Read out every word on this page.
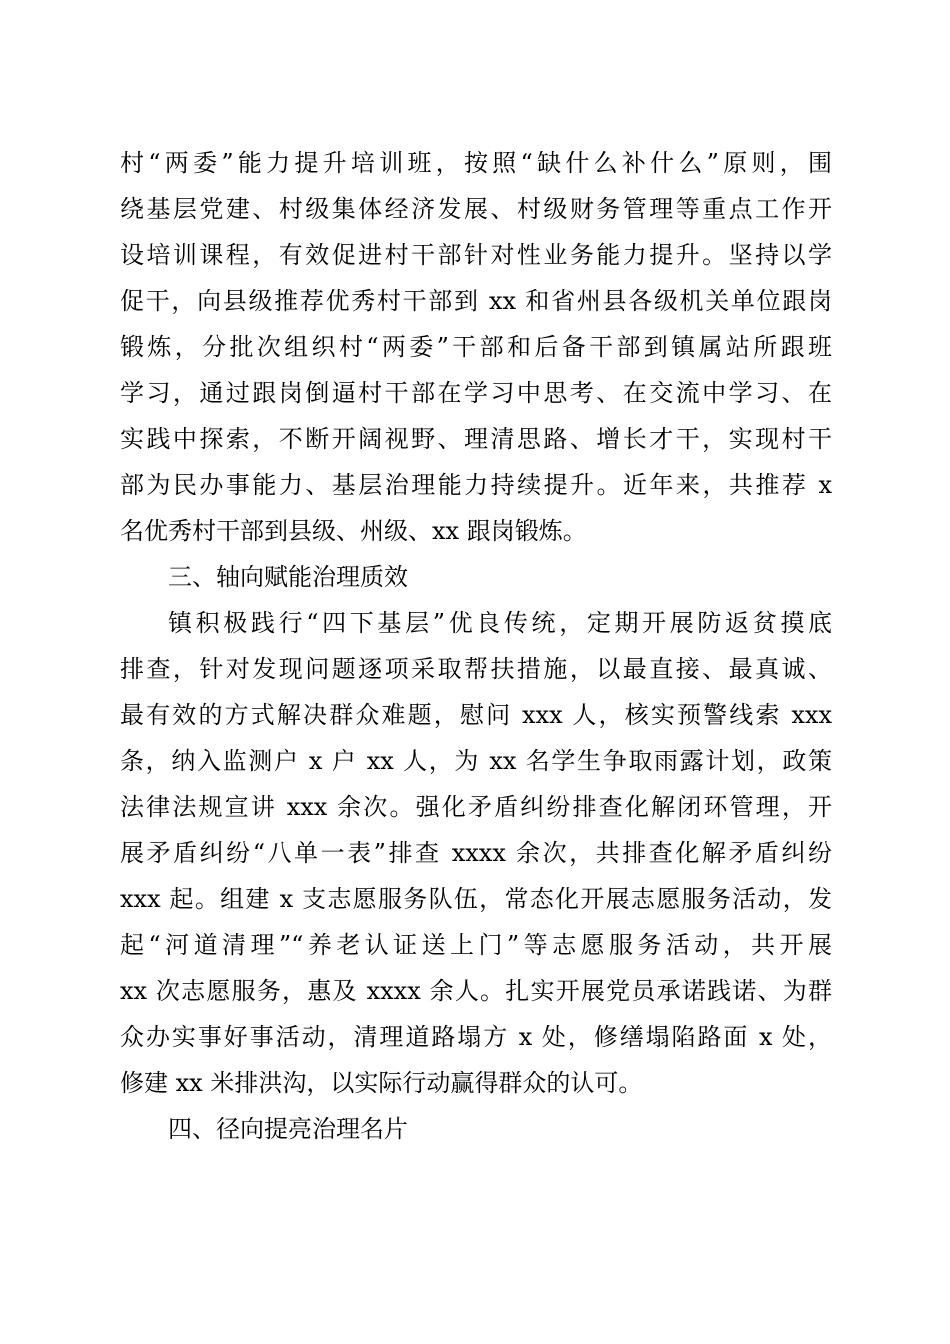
村“两委”能力提升培训班，按照“缺什么补什么”原则，围
绕基层党建、村级集体经济发展、村级财务管理等重点工作开
设培训课程，有效促进村干部针对性业务能力提升。坚持以学
促干，向县级推荐优秀村干部到 xx 和省州县各级机关单位跟岗
锻炼，分批次组织村“两委”干部和后备干部到镇属站所跟班
学习，通过跟岗倒逼村干部在学习中思考、在交流中学习、在
实践中探索，不断开阔视野、理清思路、增长才干，实现村干
部为民办事能力、基层治理能力持续提升。近年来，共推荐 x
名优秀村干部到县级、州级、xx 跟岗锻炼。
三、轴向赋能治理质效
镇积极践行“四下基层”优良传统，定期开展防返贫摸底
排查，针对发现问题逐项采取帮扶措施，以最直接、最真诚、
最有效的方式解决群众难题，慰问 xxx 人，核实预警线索 xxx
条，纳入监测户 x 户 xx 人，为 xx 名学生争取雨露计划，政策
法律法规宣讲 xxx 余次。强化矛盾纠纷排查化解闭环管理，开
展矛盾纠纷“八单一表”排查 xxxx 余次，共排查化解矛盾纠纷
xxx 起。组建 x 支志愿服务队伍，常态化开展志愿服务活动，发
起“河道清理”“养老认证送上门”等志愿服务活动，共开展
xx 次志愿服务，惠及 xxxx 余人。扎实开展党员承诺践诺、为群
众办实事好事活动，清理道路塌方 x 处，修缮塌陷路面 x 处，
修建 xx 米排洪沟，以实际行动赢得群众的认可。
四、径向提亮治理名片
